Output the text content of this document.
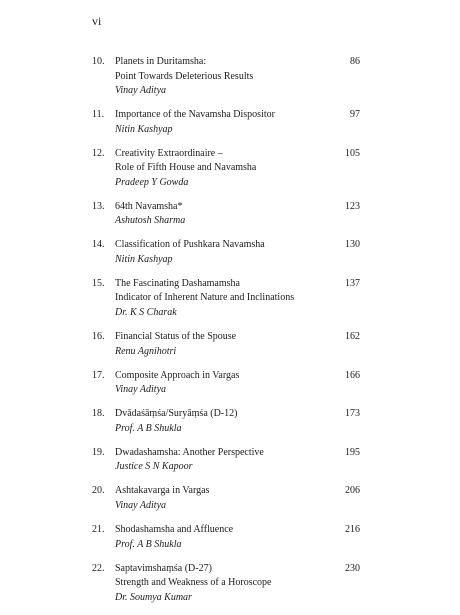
vi
10.	Planets in Duritamsha:
Point Towards Deleterious Results
Vinay Aditya
86
11.	Importance of the Navamsha Dispositor
Nitin Kashyap
97
12.	Creativity Extraordinaire –
Role of Fifth House and Navamsha
Pradeep Y Gowda
105
13.	64th Navamsha*
Ashutosh Sharma
123
14.	Classification of Pushkara Navamsha
Nitin Kashyap
130
15.	The Fascinating Dashamamsha
Indicator of Inherent Nature and Inclinations
Dr. K S Charak
137
16.	Financial Status of the Spouse
Renu Agnihotri
162
17.	Composite Approach in Vargas
Vinay Aditya
166
18.	Dvādaśāṃśa/Suryāṃśa (D-12)
Prof. A B Shukla
173
19.	Dwadashamsha: Another Perspective
Justice S N Kapoor
195
20.	Ashtakavarga in Vargas
Vinay Aditya
206
21.	Shodashamsha and Affluence
Prof. A B Shukla
216
22.	Saptavimshaṃśa (D-27)
Strength and Weakness of a Horoscope
Dr. Soumya Kumar
230
